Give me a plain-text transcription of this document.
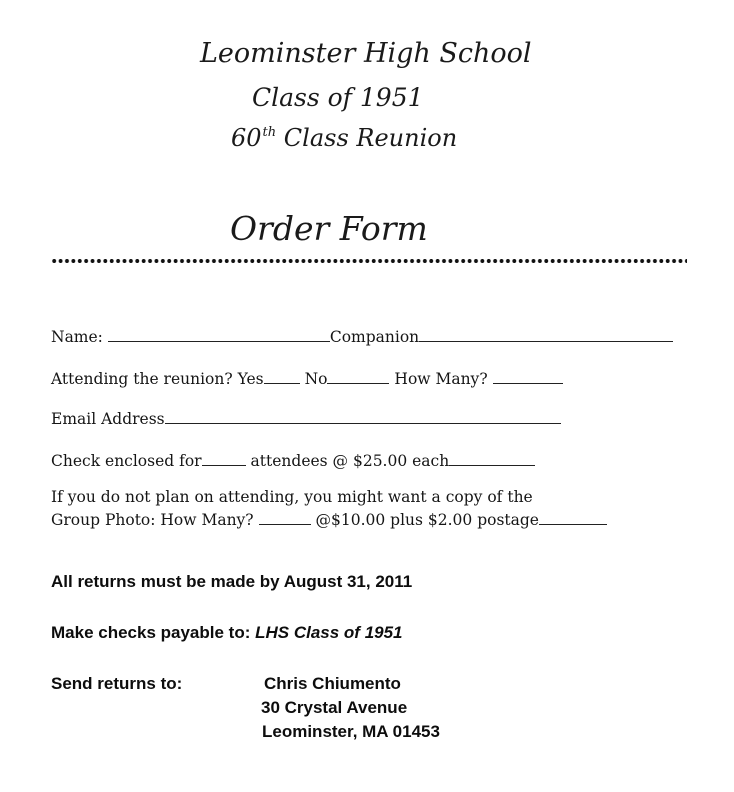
Leominster High School
Class of 1951
60th Class Reunion
Order Form
Name:	Companion
Attending the reunion? Yes	No	How Many?
Email Address
Check enclosed for	attendees @ $25.00 each
If you do not plan on attending, you might want a copy of the
Group Photo: How Many?	@$10.00 plus $2.00 postage
All returns must be made by August 31, 2011
Make checks payable to: LHS Class of 1951
Send returns to:	Chris Chiumento
30 Crystal Avenue
Leominster, MA 01453
